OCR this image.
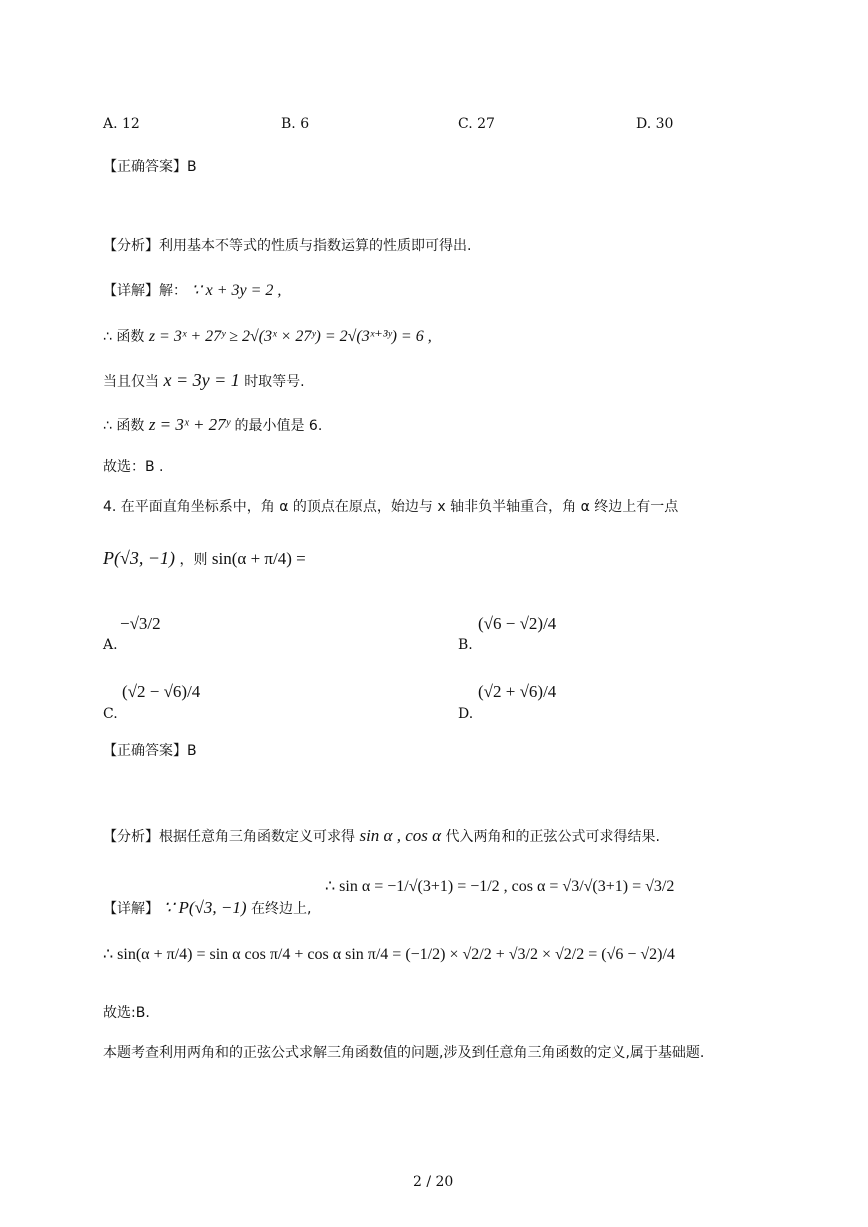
A. 12	B. 6	C. 27	D. 30
【正确答案】B
【分析】利用基本不等式的性质与指数运算的性质即可得出.
【详解】解： ∵ x + 3y = 2 ,
∴ 函数 z = 3ˣ + 27ʸ ≥ 2√(3ˣ × 27ʸ) = 2√(3ˣ⁺³ʸ) = 6 ,
当且仅当 x = 3y = 1 时取等号.
∴ 函数 z = 3ˣ + 27ʸ 的最小值是 6.
故选：B .
4. 在平面直角坐标系中，角 α 的顶点在原点，始边与 x 轴非负半轴重合，角 α 终边上有一点
P(√3, −1) ，则 sin(α + π/4) =
A.
−√3/2
B.
(√6 − √2)/4
C.
(√2 − √6)/4
D.
(√2 + √6)/4
【正确答案】B
【分析】根据任意角三角函数定义可求得 sin α , cos α 代入两角和的正弦公式可求得结果.
【详解】 ∵ P(√3, −1) 在终边上,
∴ sin α = −1/√(3+1) = −1/2 , cos α = √3/√(3+1) = √3/2
∴ sin(α + π/4) = sin α cos π/4 + cos α sin π/4 = (−1/2) × √2/2 + √3/2 × √2/2 = (√6 − √2)/4
故选:B.
本题考查利用两角和的正弦公式求解三角函数值的问题,涉及到任意角三角函数的定义,属于基础题.
2 / 20
